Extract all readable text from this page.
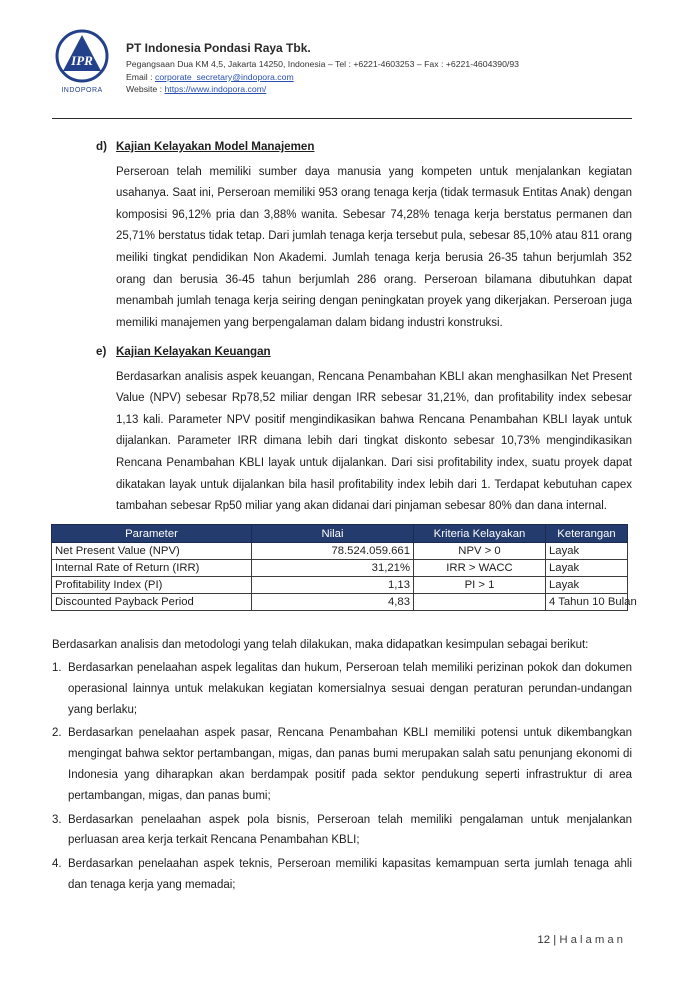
IPR
INDOPORA
PT Indonesia Pondasi Raya Tbk.
Pegangsaan Dua KM 4,5, Jakarta 14250, Indonesia – Tel : +6221-4603253 – Fax : +6221-4604390/93
Email : corporate_secretary@indopora.com
Website : https://www.indopora.com/
d) Kajian Kelayakan Model Manajemen
Perseroan telah memiliki sumber daya manusia yang kompeten untuk menjalankan kegiatan usahanya. Saat ini, Perseroan memiliki 953 orang tenaga kerja (tidak termasuk Entitas Anak) dengan komposisi 96,12% pria dan 3,88% wanita. Sebesar 74,28% tenaga kerja berstatus permanen dan 25,71% berstatus tidak tetap. Dari jumlah tenaga kerja tersebut pula, sebesar 85,10% atau 811 orang meiliki tingkat pendidikan Non Akademi. Jumlah tenaga kerja berusia 26-35 tahun berjumlah 352 orang dan berusia 36-45 tahun berjumlah 286 orang. Perseroan bilamana dibutuhkan dapat menambah jumlah tenaga kerja seiring dengan peningkatan proyek yang dikerjakan. Perseroan juga memiliki manajemen yang berpengalaman dalam bidang industri konstruksi.
e) Kajian Kelayakan Keuangan
Berdasarkan analisis aspek keuangan, Rencana Penambahan KBLI akan menghasilkan Net Present Value (NPV) sebesar Rp78,52 miliar dengan IRR sebesar 31,21%, dan profitability index sebesar 1,13 kali. Parameter NPV positif mengindikasikan bahwa Rencana Penambahan KBLI layak untuk dijalankan. Parameter IRR dimana lebih dari tingkat diskonto sebesar 10,73% mengindikasikan Rencana Penambahan KBLI layak untuk dijalankan. Dari sisi profitability index, suatu proyek dapat dikatakan layak untuk dijalankan bila hasil profitability index lebih dari 1. Terdapat kebutuhan capex tambahan sebesar Rp50 miliar yang akan didanai dari pinjaman sebesar 80% dan dana internal.
Parameter	Nilai	Kriteria Kelayakan	Keterangan
Net Present Value (NPV)	78.524.059.661	NPV > 0	Layak
Internal Rate of Return (IRR)	31,21%	IRR > WACC	Layak
Profitability Index (PI)	1,13	PI > 1	Layak
Discounted Payback Period	4,83		4 Tahun 10 Bulan
Berdasarkan analisis dan metodologi yang telah dilakukan, maka didapatkan kesimpulan sebagai berikut:
1. Berdasarkan penelaahan aspek legalitas dan hukum, Perseroan telah memiliki perizinan pokok dan dokumen operasional lainnya untuk melakukan kegiatan komersialnya sesuai dengan peraturan perundan-undangan yang berlaku;
2. Berdasarkan penelaahan aspek pasar, Rencana Penambahan KBLI memiliki potensi untuk dikembangkan mengingat bahwa sektor pertambangan, migas, dan panas bumi merupakan salah satu penunjang ekonomi di Indonesia yang diharapkan akan berdampak positif pada sektor pendukung seperti infrastruktur di area pertambangan, migas, dan panas bumi;
3. Berdasarkan penelaahan aspek pola bisnis, Perseroan telah memiliki pengalaman untuk menjalankan perluasan area kerja terkait Rencana Penambahan KBLI;
4. Berdasarkan penelaahan aspek teknis, Perseroan memiliki kapasitas kemampuan serta jumlah tenaga ahli dan tenaga kerja yang memadai;
12 | Halaman
